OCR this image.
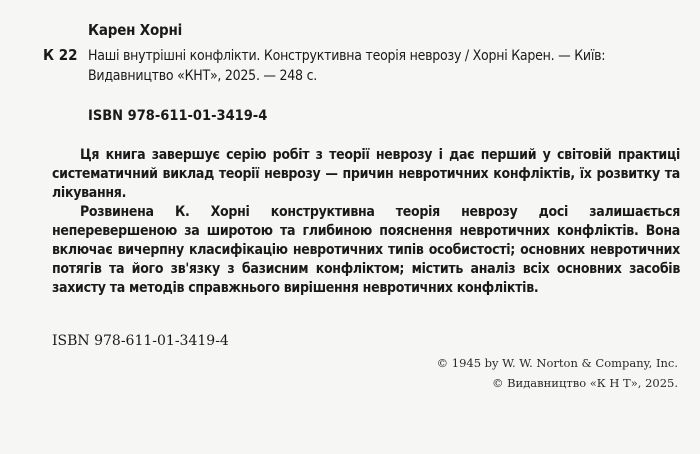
Карен Хорні
К 22 Наші внутрішні конфлікти. Конструктивна теорія неврозу / Хорні Карен. — Київ: Видавництво «КНТ», 2025. — 248 с.
ISBN 978-611-01-3419-4

Ця книга завершує серію робіт з теорії неврозу і дає перший у світовій практиці систематичний виклад теорії неврозу — причин невротичних конфліктів, їх розвитку та лікування.

Розвинена К. Хорні конструктивна теорія неврозу досі залишається неперевершеною за широтою та глибиною пояснення невротичних конфліктів. Вона включає вичерпну класифікацію невротичних типів особистості; основних невротичних потягів та його зв'язку з базисним конфліктом; містить аналіз всіх основних засобів захисту та методів справжнього вирішення невротичних конфліктів.

ISBN 978-611-01-3419-4
© 1945 by W. W. Norton & Company, Inc.
© Видавництво «К Н Т», 2025.
